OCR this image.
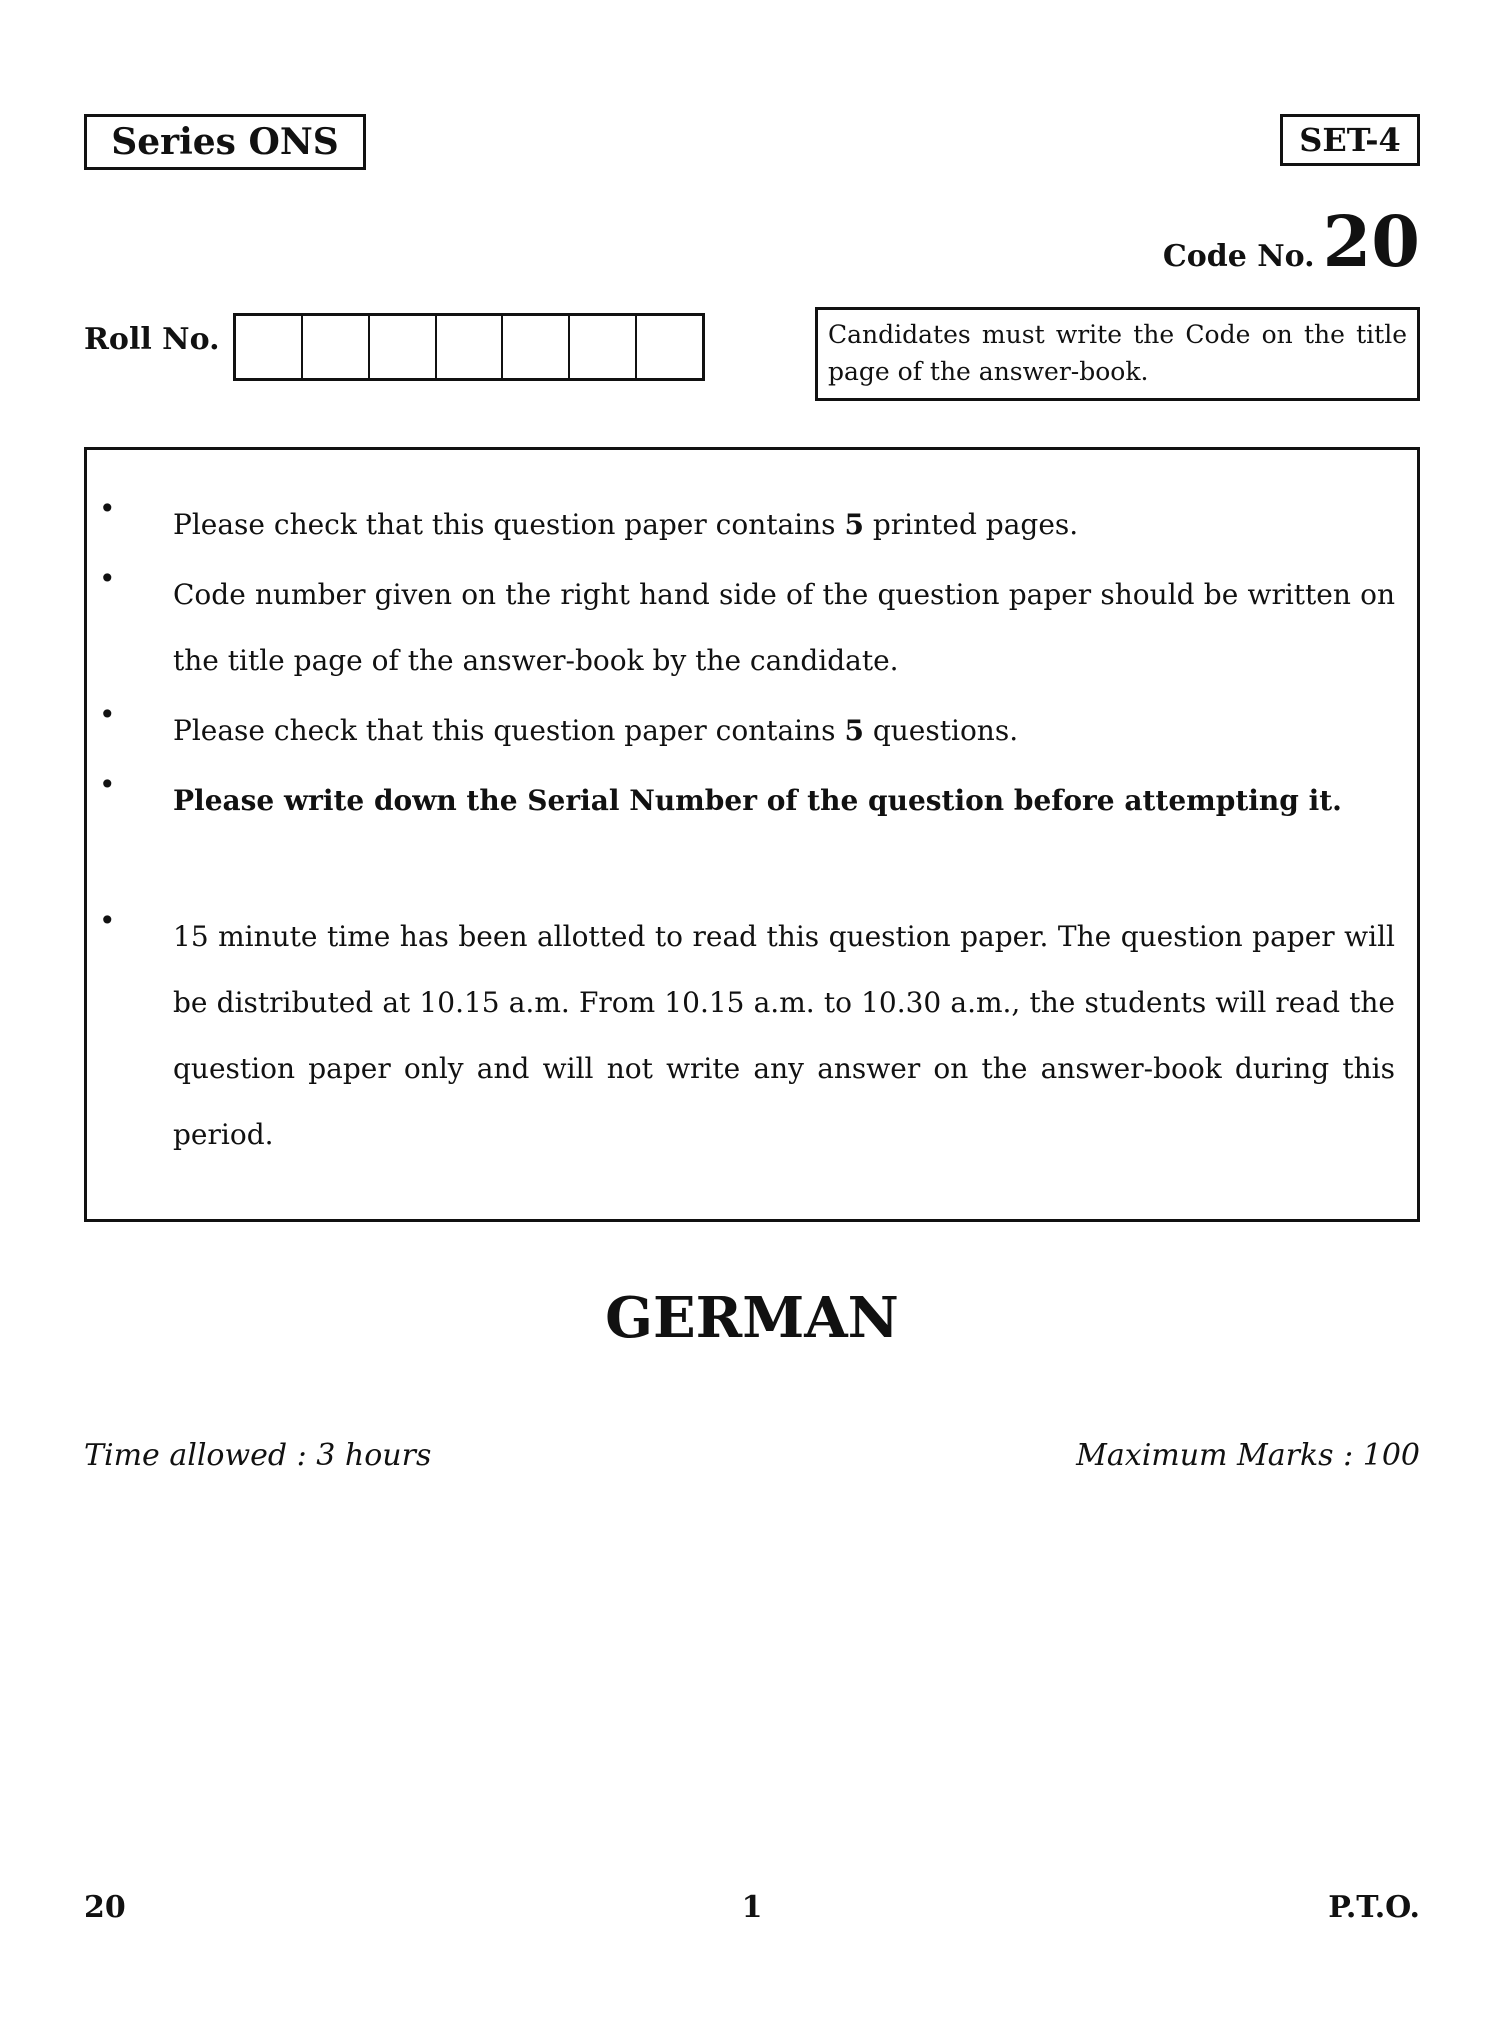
Series ONS	SET-4
Code No. 20
Roll No.	Candidates must write the Code on the title page of the answer-book.
• Please check that this question paper contains 5 printed pages.
• Code number given on the right hand side of the question paper should be written on the title page of the answer-book by the candidate.
• Please check that this question paper contains 5 questions.
• Please write down the Serial Number of the question before attempting it.
• 15 minute time has been allotted to read this question paper. The question paper will be distributed at 10.15 a.m. From 10.15 a.m. to 10.30 a.m., the students will read the question paper only and will not write any answer on the answer-book during this period.
GERMAN
Time allowed : 3 hours	Maximum Marks : 100
20	1	P.T.O.
